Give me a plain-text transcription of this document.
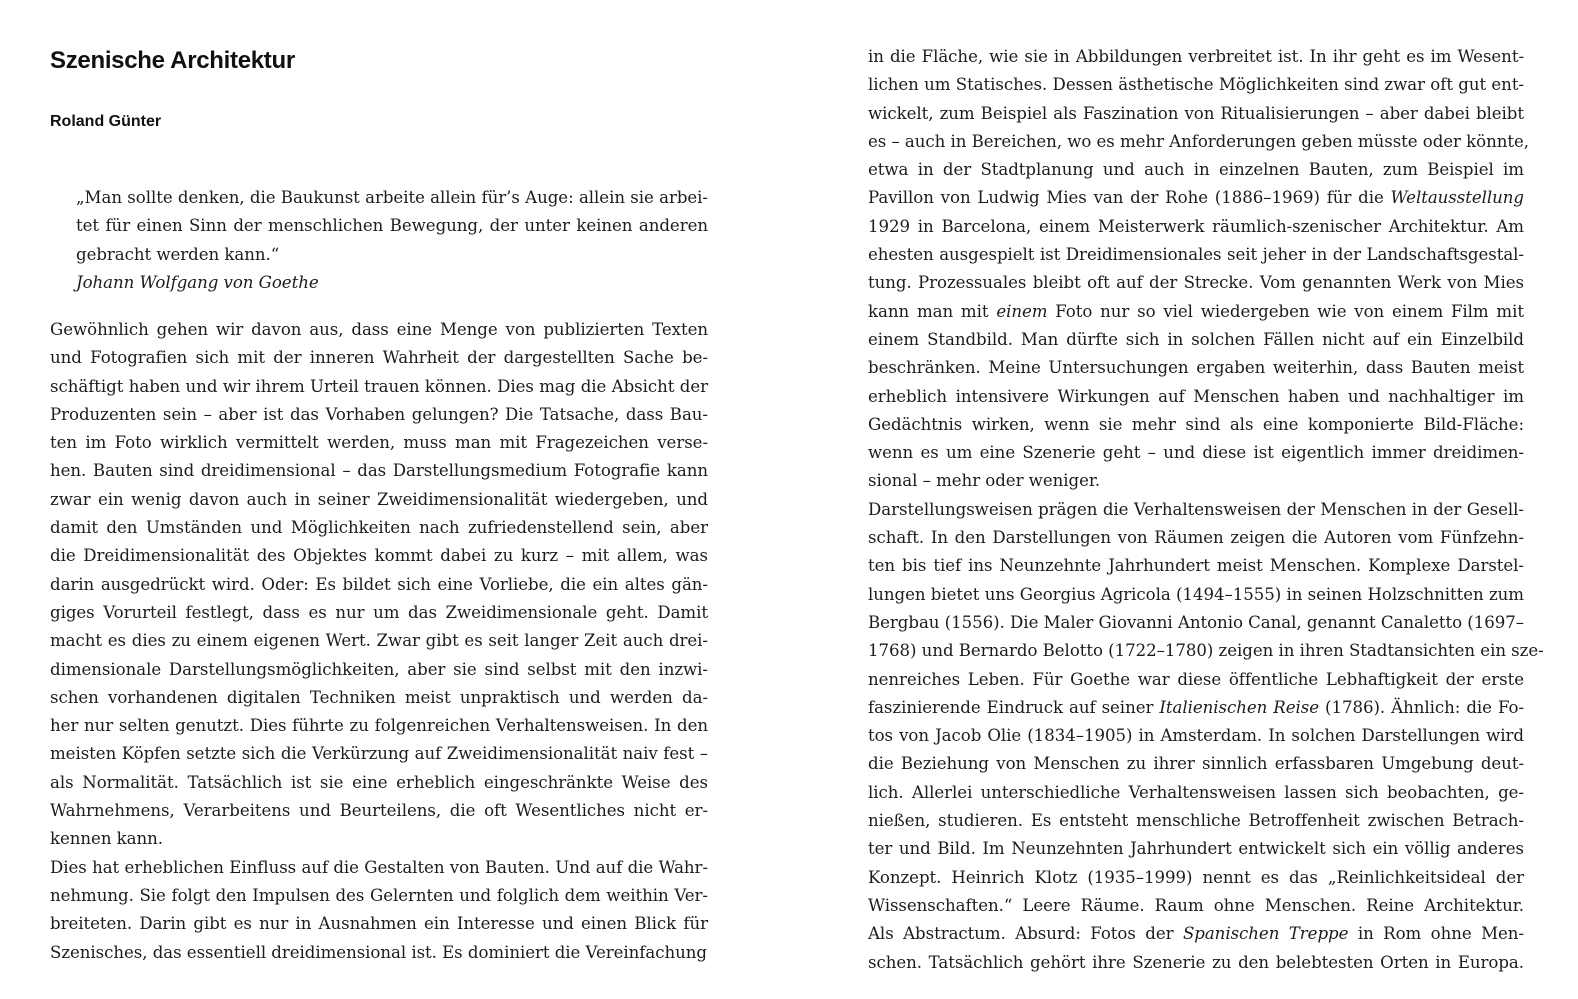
Szenische Architektur
Roland Günter
„Man sollte denken, die Baukunst arbeite allein für’s Auge: allein sie arbei-
tet für einen Sinn der menschlichen Bewegung, der unter keinen anderen
gebracht werden kann.“
Johann Wolfgang von Goethe
Gewöhnlich gehen wir davon aus, dass eine Menge von publizierten Texten
und Fotografien sich mit der inneren Wahrheit der dargestellten Sache be-
schäftigt haben und wir ihrem Urteil trauen können. Dies mag die Absicht der
Produzenten sein – aber ist das Vorhaben gelungen? Die Tatsache, dass Bau-
ten im Foto wirklich vermittelt werden, muss man mit Fragezeichen verse-
hen. Bauten sind dreidimensional – das Darstellungsmedium Fotografie kann
zwar ein wenig davon auch in seiner Zweidimensionalität wiedergeben, und
damit den Umständen und Möglichkeiten nach zufriedenstellend sein, aber
die Dreidimensionalität des Objektes kommt dabei zu kurz – mit allem, was
darin ausgedrückt wird. Oder: Es bildet sich eine Vorliebe, die ein altes gän-
giges Vorurteil festlegt, dass es nur um das Zweidimensionale geht. Damit
macht es dies zu einem eigenen Wert. Zwar gibt es seit langer Zeit auch drei-
dimensionale Darstellungsmöglichkeiten, aber sie sind selbst mit den inzwi-
schen vorhandenen digitalen Techniken meist unpraktisch und werden da-
her nur selten genutzt. Dies führte zu folgenreichen Verhaltensweisen. In den
meisten Köpfen setzte sich die Verkürzung auf Zweidimensionalität naiv fest –
als Normalität. Tatsächlich ist sie eine erheblich eingeschränkte Weise des
Wahrnehmens, Verarbeitens und Beurteilens, die oft Wesentliches nicht er-
kennen kann.
Dies hat erheblichen Einfluss auf die Gestalten von Bauten. Und auf die Wahr-
nehmung. Sie folgt den Impulsen des Gelernten und folglich dem weithin Ver-
breiteten. Darin gibt es nur in Ausnahmen ein Interesse und einen Blick für
Szenisches, das essentiell dreidimensional ist. Es dominiert die Vereinfachung
in die Fläche, wie sie in Abbildungen verbreitet ist. In ihr geht es im Wesent-
lichen um Statisches. Dessen ästhetische Möglichkeiten sind zwar oft gut ent-
wickelt, zum Beispiel als Faszination von Ritualisierungen – aber dabei bleibt
es – auch in Bereichen, wo es mehr Anforderungen geben müsste oder könnte,
etwa in der Stadtplanung und auch in einzelnen Bauten, zum Beispiel im
Pavillon von Ludwig Mies van der Rohe (1886–1969) für die Weltausstellung
1929 in Barcelona, einem Meisterwerk räumlich-szenischer Architektur. Am
ehesten ausgespielt ist Dreidimensionales seit jeher in der Landschaftsgestal-
tung. Prozessuales bleibt oft auf der Strecke. Vom genannten Werk von Mies
kann man mit einem Foto nur so viel wiedergeben wie von einem Film mit
einem Standbild. Man dürfte sich in solchen Fällen nicht auf ein Einzelbild
beschränken. Meine Untersuchungen ergaben weiterhin, dass Bauten meist
erheblich intensivere Wirkungen auf Menschen haben und nachhaltiger im
Gedächtnis wirken, wenn sie mehr sind als eine komponierte Bild-Fläche:
wenn es um eine Szenerie geht – und diese ist eigentlich immer dreidimen-
sional – mehr oder weniger.
Darstellungsweisen prägen die Verhaltensweisen der Menschen in der Gesell-
schaft. In den Darstellungen von Räumen zeigen die Autoren vom Fünfzehn-
ten bis tief ins Neunzehnte Jahrhundert meist Menschen. Komplexe Darstel-
lungen bietet uns Georgius Agricola (1494–1555) in seinen Holzschnitten zum
Bergbau (1556). Die Maler Giovanni Antonio Canal, genannt Canaletto (1697–
1768) und Bernardo Belotto (1722–1780) zeigen in ihren Stadtansichten ein sze-
nenreiches Leben. Für Goethe war diese öffentliche Lebhaftigkeit der erste
faszinierende Eindruck auf seiner Italienischen Reise (1786). Ähnlich: die Fo-
tos von Jacob Olie (1834–1905) in Amsterdam. In solchen Darstellungen wird
die Beziehung von Menschen zu ihrer sinnlich erfassbaren Umgebung deut-
lich. Allerlei unterschiedliche Verhaltensweisen lassen sich beobachten, ge-
nießen, studieren. Es entsteht menschliche Betroffenheit zwischen Betrach-
ter und Bild. Im Neunzehnten Jahrhundert entwickelt sich ein völlig anderes
Konzept. Heinrich Klotz (1935–1999) nennt es das „Reinlichkeitsideal der
Wissenschaften.“ Leere Räume. Raum ohne Menschen. Reine Architektur.
Als Abstractum. Absurd: Fotos der Spanischen Treppe in Rom ohne Men-
schen. Tatsächlich gehört ihre Szenerie zu den belebtesten Orten in Europa.
